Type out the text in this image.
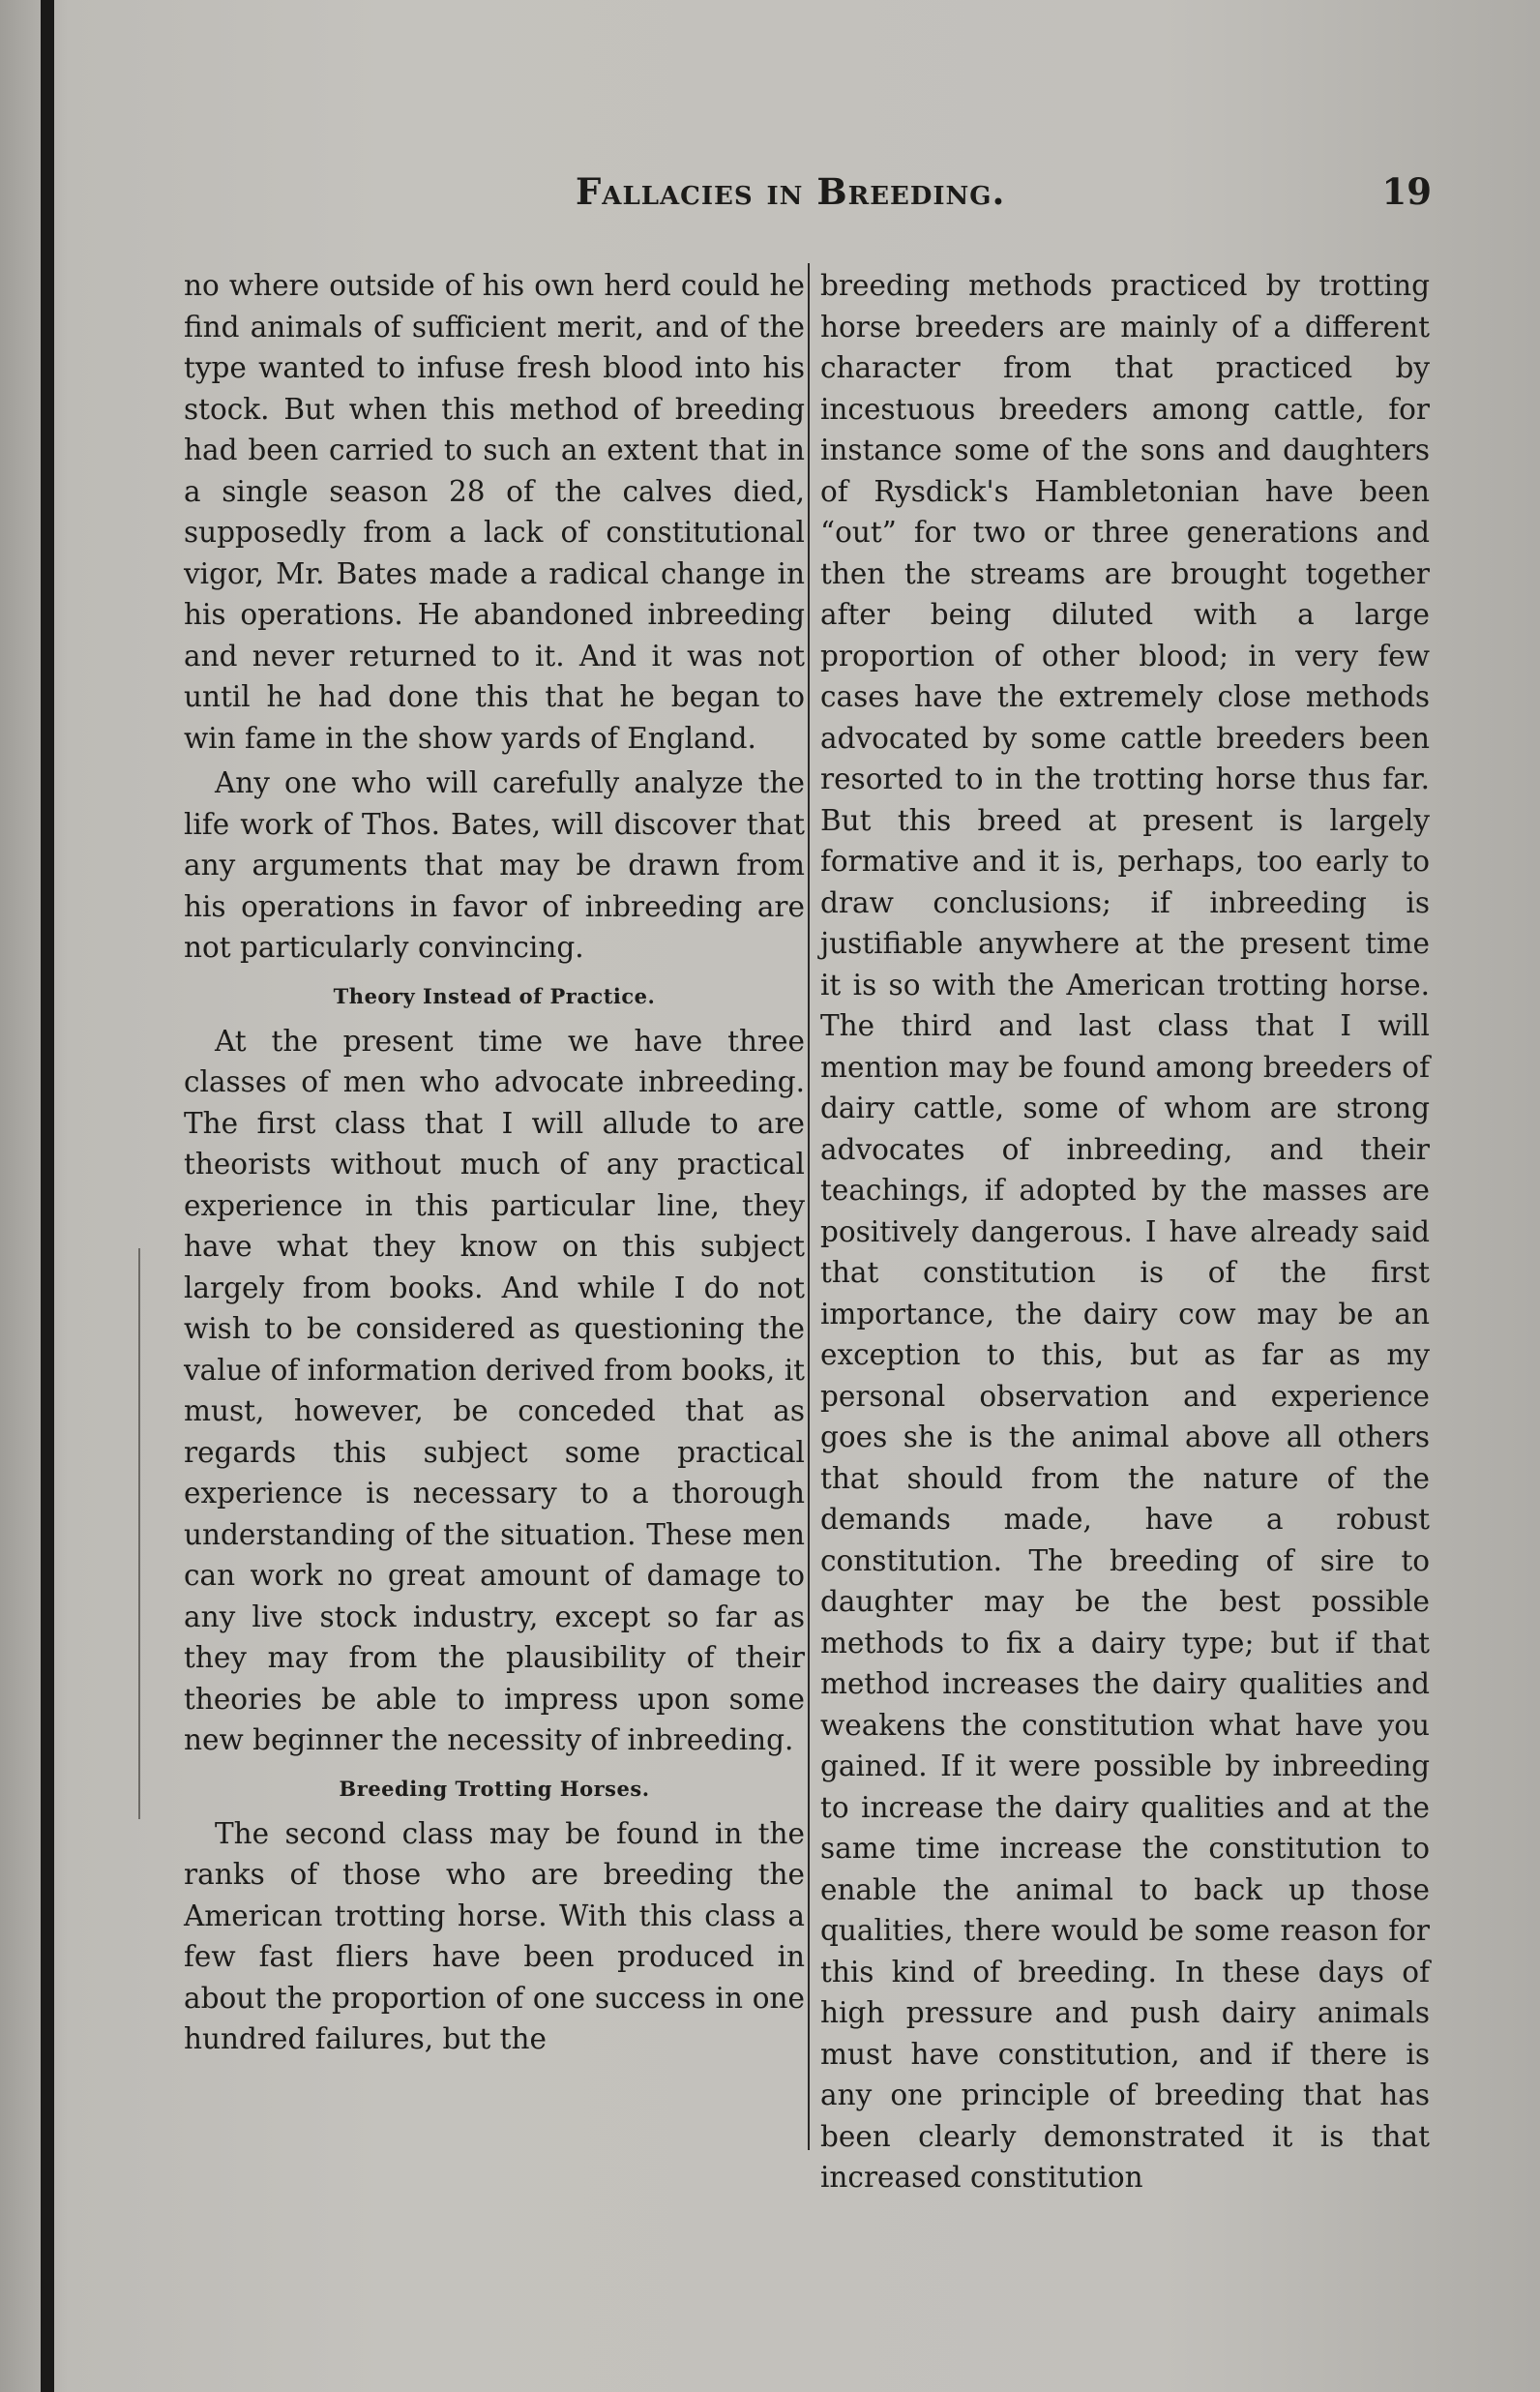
Fallacies in Breeding.	19

no where outside of his own herd could he find animals of sufficient merit, and of the type wanted to infuse fresh blood into his stock. But when this method of breeding had been carried to such an extent that in a single season 28 of the calves died, supposedly from a lack of constitutional vigor, Mr. Bates made a radical change in his operations. He abandoned inbreeding and never returned to it. And it was not until he had done this that he began to win fame in the show yards of England.

Any one who will carefully analyze the life work of Thos. Bates, will discover that any arguments that may be drawn from his operations in favor of inbreeding are not particularly convincing.

Theory Instead of Practice.

At the present time we have three classes of men who advocate inbreeding. The first class that I will allude to are theorists without much of any practical experience in this particular line, they have what they know on this subject largely from books. And while I do not wish to be considered as questioning the value of information derived from books, it must, however, be conceded that as regards this subject some practical experience is necessary to a thorough understanding of the situation. These men can work no great amount of damage to any live stock industry, except so far as they may from the plausibility of their theories be able to impress upon some new beginner the necessity of inbreeding.

Breeding Trotting Horses.

The second class may be found in the ranks of those who are breeding the American trotting horse. With this class a few fast fliers have been produced in about the proportion of one success in one hundred failures, but the

breeding methods practiced by trotting horse breeders are mainly of a different character from that practiced by incestuous breeders among cattle, for instance some of the sons and daughters of Rysdick's Hambletonian have been “out” for two or three generations and then the streams are brought together after being diluted with a large proportion of other blood; in very few cases have the extremely close methods advocated by some cattle breeders been resorted to in the trotting horse thus far. But this breed at present is largely formative and it is, perhaps, too early to draw conclusions; if inbreeding is justifiable anywhere at the present time it is so with the American trotting horse. The third and last class that I will mention may be found among breeders of dairy cattle, some of whom are strong advocates of inbreeding, and their teachings, if adopted by the masses are positively dangerous. I have already said that constitution is of the first importance, the dairy cow may be an exception to this, but as far as my personal observation and experience goes she is the animal above all others that should from the nature of the demands made, have a robust constitution. The breeding of sire to daughter may be the best possible methods to fix a dairy type; but if that method increases the dairy qualities and weakens the constitution what have you gained. If it were possible by inbreeding to increase the dairy qualities and at the same time increase the constitution to enable the animal to back up those qualities, there would be some reason for this kind of breeding. In these days of high pressure and push dairy animals must have constitution, and if there is any one principle of breeding that has been clearly demonstrated it is that increased constitution
